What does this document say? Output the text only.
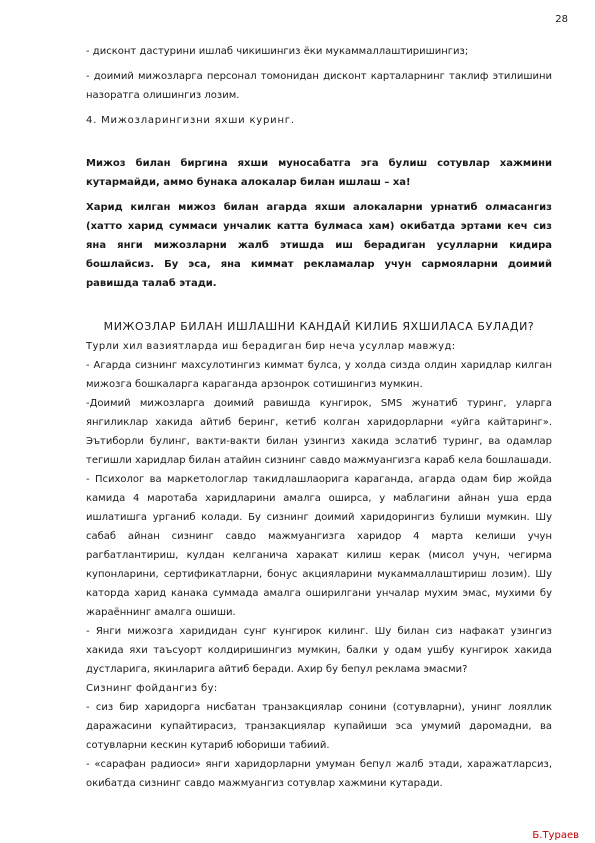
28

- дисконт дастурини ишлаб чикишингиз ёки мукаммаллаштиришингиз;

- доимий мижозларга персонал томонидан дисконт карталарнинг таклиф этилишини назоратга олишингиз лозим.

4. Мижозларингизни яхши куринг.

Мижоз билан биргина яхши муносабатга эга булиш сотувлар хажмини кутармайди, аммо бунака алокалар билан ишлаш – ха!

Харид килган мижоз билан агарда яхши алокаларни урнатиб олмасангиз (хатто харид суммаси унчалик катта булмаса хам) окибатда эртами кеч сиз яна янги мижозларни жалб этишда иш берадиган усулларни кидира бошлайсиз. Бу эса, яна киммат рекламалар учун сармояларни доимий равишда талаб этади.

МИЖОЗЛАР БИЛАН ИШЛАШНИ КАНДАЙ КИЛИБ ЯХШИЛАСА БУЛАДИ?

Турли хил вазиятларда иш берадиган бир неча усуллар мавжуд:

- Агарда сизнинг махсулотингиз киммат булса, у холда сизда олдин харидлар килган мижозга бошкаларга караганда арзонрок сотишингиз мумкин.

-Доимий мижозларга доимий равишда кунгирок, SMS жунатиб туринг, уларга янгиликлар хакида айтиб беринг, кетиб колган харидорларни «уйга кайтаринг». Эътиборли булинг, вакти-вакти билан узингиз хакида эслатиб туринг, ва одамлар тегишли харидлар билан атайин сизнинг савдо мажмуангизга караб кела бошлашади.

- Психолог ва маркетологлар такидлашлаорига караганда, агарда одам бир жойда камида 4 маротаба харидларини амалга оширса, у маблагини айнан уша ерда ишлатишга урганиб колади. Бу сизнинг доимий харидорингиз булиши мумкин. Шу сабаб айнан сизнинг савдо мажмуангизга харидор 4 марта келиши учун рагбатлантириш, кулдан келганича харакат килиш керак (мисол учун, чегирма купонларини, сертификатларни, бонус акцияларини мукаммаллаштириш лозим). Шу каторда харид канака суммада амалга оширилгани унчалар мухим эмас, мухими бу жараённинг амалга ошиши.

- Янги мижозга харидидан сунг кунгирок килинг. Шу билан сиз нафакат узингиз хакида яхи таъсуорт колдиришингиз мумкин, балки у одам ушбу кунгирок хакида дустларига, якинларига айтиб беради. Ахир бу бепул реклама эмасми?

Сизнинг фойдангиз бу:

- сиз бир харидорга нисбатан транзакциялар сонини (сотувларни), унинг лояллик даражасини купайтирасиз, транзакциялар купайиши эса умумий даромадни, ва сотувларни кескин кутариб юбориши табиий.

- «сарафан радиоси» янги харидорларни умуман бепул жалб этади, харажатларсиз, окибатда сизнинг савдо мажмуангиз сотувлар хажмини кутаради.

Б.Тураев
